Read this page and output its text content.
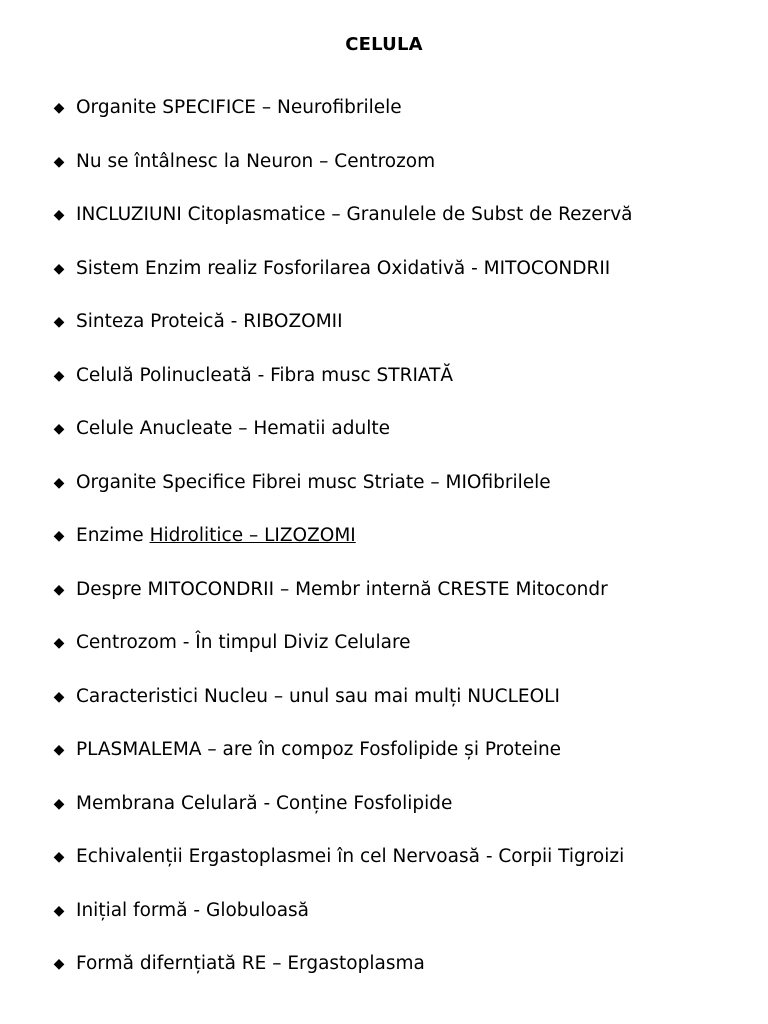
CELULA
◆ Organite SPECIFICE – Neurofibrilele
◆ Nu se întâlnesc la Neuron – Centrozom
◆ INCLUZIUNI Citoplasmatice – Granulele de Subst de Rezervă
◆ Sistem Enzim realiz Fosforilarea Oxidativă - MITOCONDRII
◆ Sinteza Proteică - RIBOZOMII
◆ Celulă Polinucleată - Fibra musc STRIATĂ
◆ Celule Anucleate – Hematii adulte
◆ Organite Specifice Fibrei musc Striate – MIOfibrilele
◆ Enzime Hidrolitice – LIZOZOMI
◆ Despre MITOCONDRII – Membr internă CRESTE Mitocondr
◆ Centrozom - În timpul Diviz Celulare
◆ Caracteristici Nucleu – unul sau mai mulți NUCLEOLI
◆ PLASMALEMA – are în compoz Fosfolipide și Proteine
◆ Membrana Celulară - Conține Fosfolipide
◆ Echivalenții Ergastoplasmei în cel Nervoasă - Corpii Tigroizi
◆ Inițial formă - Globuloasă
◆ Formă difernțiată RE – Ergastoplasma
